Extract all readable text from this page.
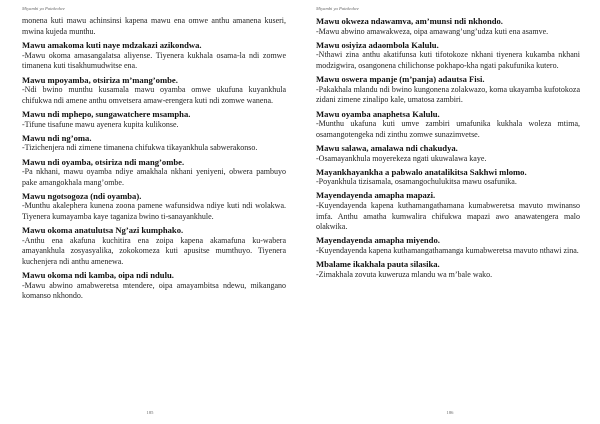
Miyambi ya Patekedwe
monena kuti mawu achinsinsi kapena mawu ena omwe anthu amanena kuseri, mwina kujeda munthu.
Mawu amakoma kuti naye mdzakazi azikondwa.
-Mawu okoma amasangalatsa aliyense. Tiyenera kukhala osama-la ndi zomwe timanena kuti tisakhumudwitse ena.
Mawu mpoyamba, otsiriza m’mang’ombe.
-Ndi bwino munthu kusamala mawu oyamba omwe ukufuna kuyankhula chifukwa ndi amene anthu omvetsera amaw-erengera kuti ndi zomwe wanena.
Mawu ndi mphepo, sungawatchere msampha.
-Tifune tisafune mawu ayenera kupita kulikonse.
Mawu ndi ng’oma.
-Tizichenjera ndi zimene timanena chifukwa tikayankhula sabwerakonso.
Mawu ndi oyamba, otsiriza ndi mang’ombe.
-Pa nkhani, mawu oyamba ndiye amakhala nkhani yeniyeni, obwera pambuyo pake amangokhala mang’ombe.
Mawu ngotsogoza (ndi oyamba).
-Munthu akalephera kunena zoona pamene wafunsidwa ndiye kuti ndi wolakwa. Tiyenera kumayamba kaye taganiza bwino ti-sanayankhule.
Mawu okoma anatulutsa Ng’azi kumphako.
-Anthu ena akafuna kuchitira ena zoipa kapena akamafuna ku-wabera amayankhula zosyasyalika, zokokomeza kuti apusitse mumthuyo. Tiyenera kuchenjera ndi anthu amenewa.
Mawu okoma ndi kamba, oipa ndi ndulu.
-Mawu abwino amabweretsa mtendere, oipa amayambitsa ndewu, mikangano komanso nkhondo.
185
Miyambi ya Patekedwe
Mawu okweza ndawamva, am’munsi ndi nkhondo.
-Mawu abwino amawakweza, oipa amawang’ung’udza kuti ena asamve.
Mawu osiyiza adaombola Kalulu.
-Nthawi zina anthu akatifunsa kuti tifotokoze nkhani tiyenera kukamba nkhani modzigwira, osangonena chilichonse pokhapo-kha ngati pakufunika kutero.
Mawu oswera mpanje (m’panja) adautsa Fisi.
-Pakakhala mlandu ndi bwino kungonena zolakwazo, koma ukayamba kufotokoza zidani zimene zinalipo kale, umatosa zambiri.
Mawu oyamba anaphetsa Kalulu.
-Munthu ukafuna kuti umve zambiri umafunika kukhala woleza mtima, osamangotengeka ndi zinthu zomwe sunazimvetse.
Mawu salawa, amalawa ndi chakudya.
-Osamayankhula moyerekeza ngati ukuwalawa kaye.
Mayankhayankha a pabwalo anatalikitsa Sakhwi mlomo.
-Poyankhula tizisamala, osamangochulukitsa mawu osafunika.
Mayendayenda amapha mapazi.
-Kuyendayenda kapena kuthamangathamana kumabweretsa mavuto mwinanso imfa. Anthu amatha kumwalira chifukwa mapazi awo anawatengera malo olakwika.
Mayendayenda amapha miyendo.
-Kuyendayenda kapena kuthamangathamanga kumabweretsa mavuto nthawi zina.
Mbalame ikakhala pauta silasika.
-Zimakhala zovuta kuweruza mlandu wa m’bale wako.
186
